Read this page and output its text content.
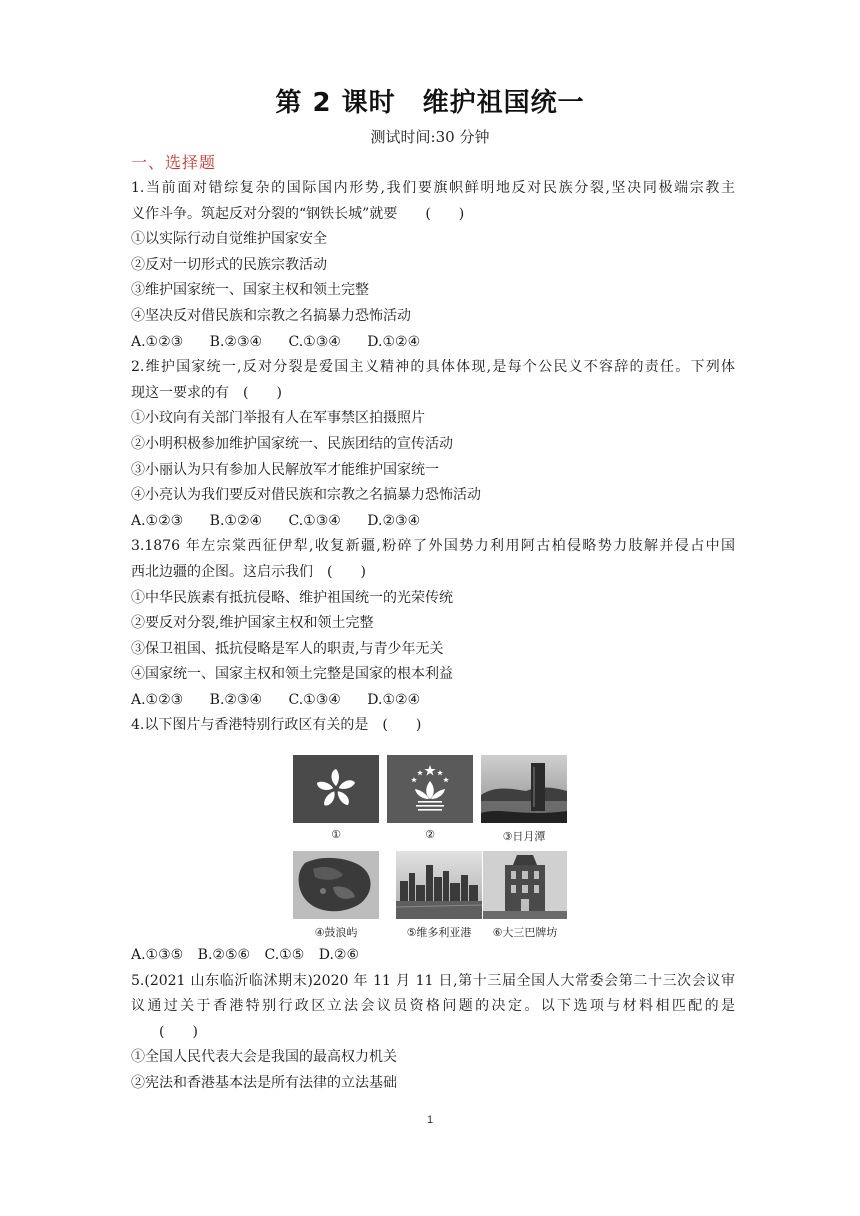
第 2 课时　维护祖国统一
测试时间:30 分钟
一、选择题
1.当前面对错综复杂的国际国内形势,我们要旗帜鲜明地反对民族分裂,坚决同极端宗教主
义作斗争。筑起反对分裂的“钢铁长城”就要　　(　　)
①以实际行动自觉维护国家安全
②反对一切形式的民族宗教活动
③维护国家统一、国家主权和领土完整
④坚决反对借民族和宗教之名搞暴力恐怖活动
A.①②③ B.②③④ C.①③④ D.①②④
2.维护国家统一,反对分裂是爱国主义精神的具体体现,是每个公民义不容辞的责任。下列体
现这一要求的有　(　　)
①小玟向有关部门举报有人在军事禁区拍摄照片
②小明积极参加维护国家统一、民族团结的宣传活动
③小丽认为只有参加人民解放军才能维护国家统一
④小亮认为我们要反对借民族和宗教之名搞暴力恐怖活动
A.①②③ B.①②④ C.①③④ D.②③④
3.1876 年左宗棠西征伊犁,收复新疆,粉碎了外国势力利用阿古柏侵略势力肢解并侵占中国
西北边疆的企图。这启示我们　(　　)
①中华民族素有抵抗侵略、维护祖国统一的光荣传统
②要反对分裂,维护国家主权和领土完整
③保卫祖国、抵抗侵略是军人的职责,与青少年无关
④国家统一、国家主权和领土完整是国家的根本利益
A.①②③ B.②③④ C.①③④ D.①②④
4.以下图片与香港特别行政区有关的是　(　　)
A.①③⑤ B.②⑤⑥ C.①⑤ D.②⑥
5.(2021 山东临沂临沭期末)2020 年 11 月 11 日,第十三届全国人大常委会第二十三次会议审
议通过关于香港特别行政区立法会议员资格问题的决定。以下选项与材料相匹配的是
　　(　　)
①全国人民代表大会是我国的最高权力机关
②宪法和香港基本法是所有法律的立法基础
①	②	③日月潭
④鼓浪屿	⑤维多利亚港	⑥大三巴牌坊
1
